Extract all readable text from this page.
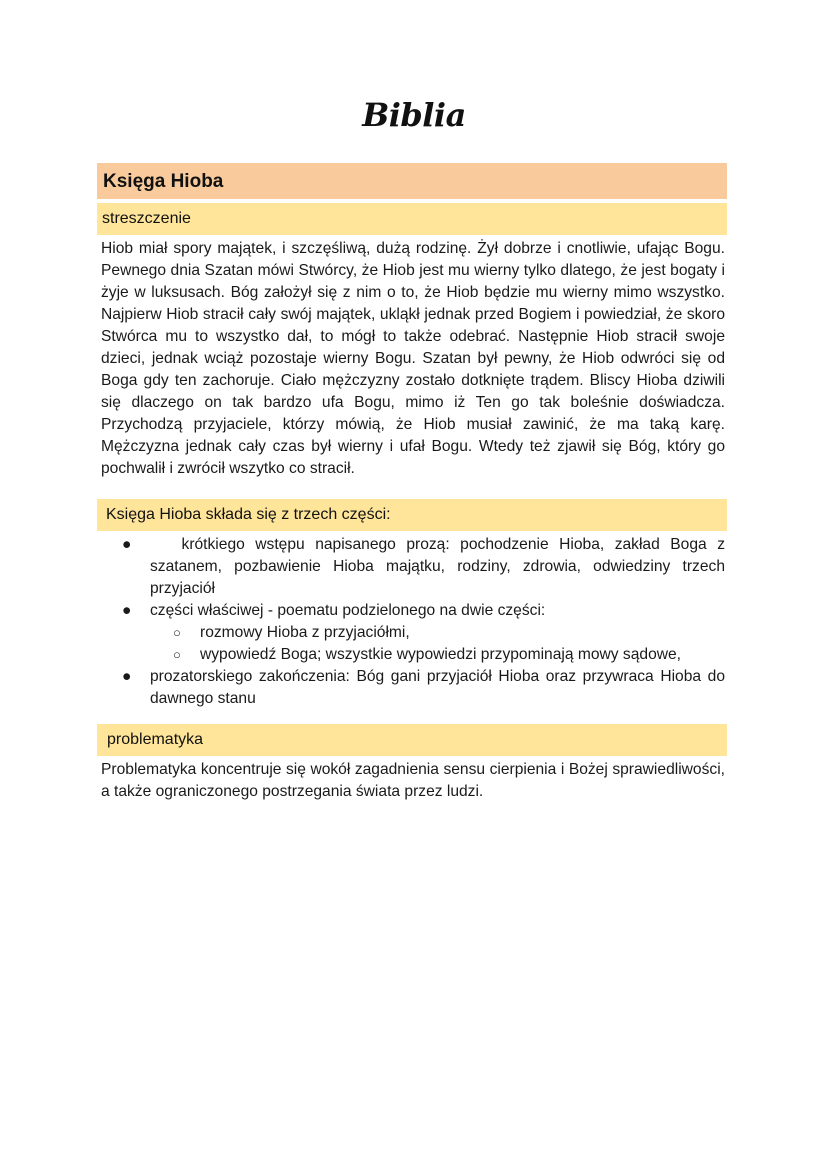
Biblia
Księga Hioba
streszczenie
Hiob miał spory majątek, i szczęśliwą, dużą rodzinę. Żył dobrze i cnotliwie, ufając Bogu. Pewnego dnia Szatan mówi Stwórcy, że Hiob jest mu wierny tylko dlatego, że jest bogaty i żyje w luksusach. Bóg założył się z nim o to, że Hiob będzie mu wierny mimo wszystko. Najpierw Hiob stracił cały swój majątek, ukląkł jednak przed Bogiem i powiedział, że skoro Stwórca mu to wszystko dał, to mógł to także odebrać. Następnie Hiob stracił swoje dzieci, jednak wciąż pozostaje wierny Bogu. Szatan był pewny, że Hiob odwróci się od Boga gdy ten zachoruje. Ciało mężczyzny zostało dotknięte trądem. Bliscy Hioba dziwili się dlaczego on tak bardzo ufa Bogu, mimo iż Ten go tak boleśnie doświadcza. Przychodzą przyjaciele, którzy mówią, że Hiob musiał zawinić, że ma taką karę. Mężczyzna jednak cały czas był wierny i ufał Bogu. Wtedy też zjawił się Bóg, który go pochwalił i zwrócił wszytko co stracił.
Księga Hioba składa się z trzech części:
● krótkiego wstępu napisanego prozą: pochodzenie Hioba, zakład Boga z szatanem, pozbawienie Hioba majątku, rodziny, zdrowia, odwiedziny trzech przyjaciół
● części właściwej - poematu podzielonego na dwie części:
○ rozmowy Hioba z przyjaciółmi,
○ wypowiedź Boga; wszystkie wypowiedzi przypominają mowy sądowe,
● prozatorskiego zakończenia: Bóg gani przyjaciół Hioba oraz przywraca Hioba do dawnego stanu
problematyka
Problematyka koncentruje się wokół zagadnienia sensu cierpienia i Bożej sprawiedliwości, a także ograniczonego postrzegania świata przez ludzi.
